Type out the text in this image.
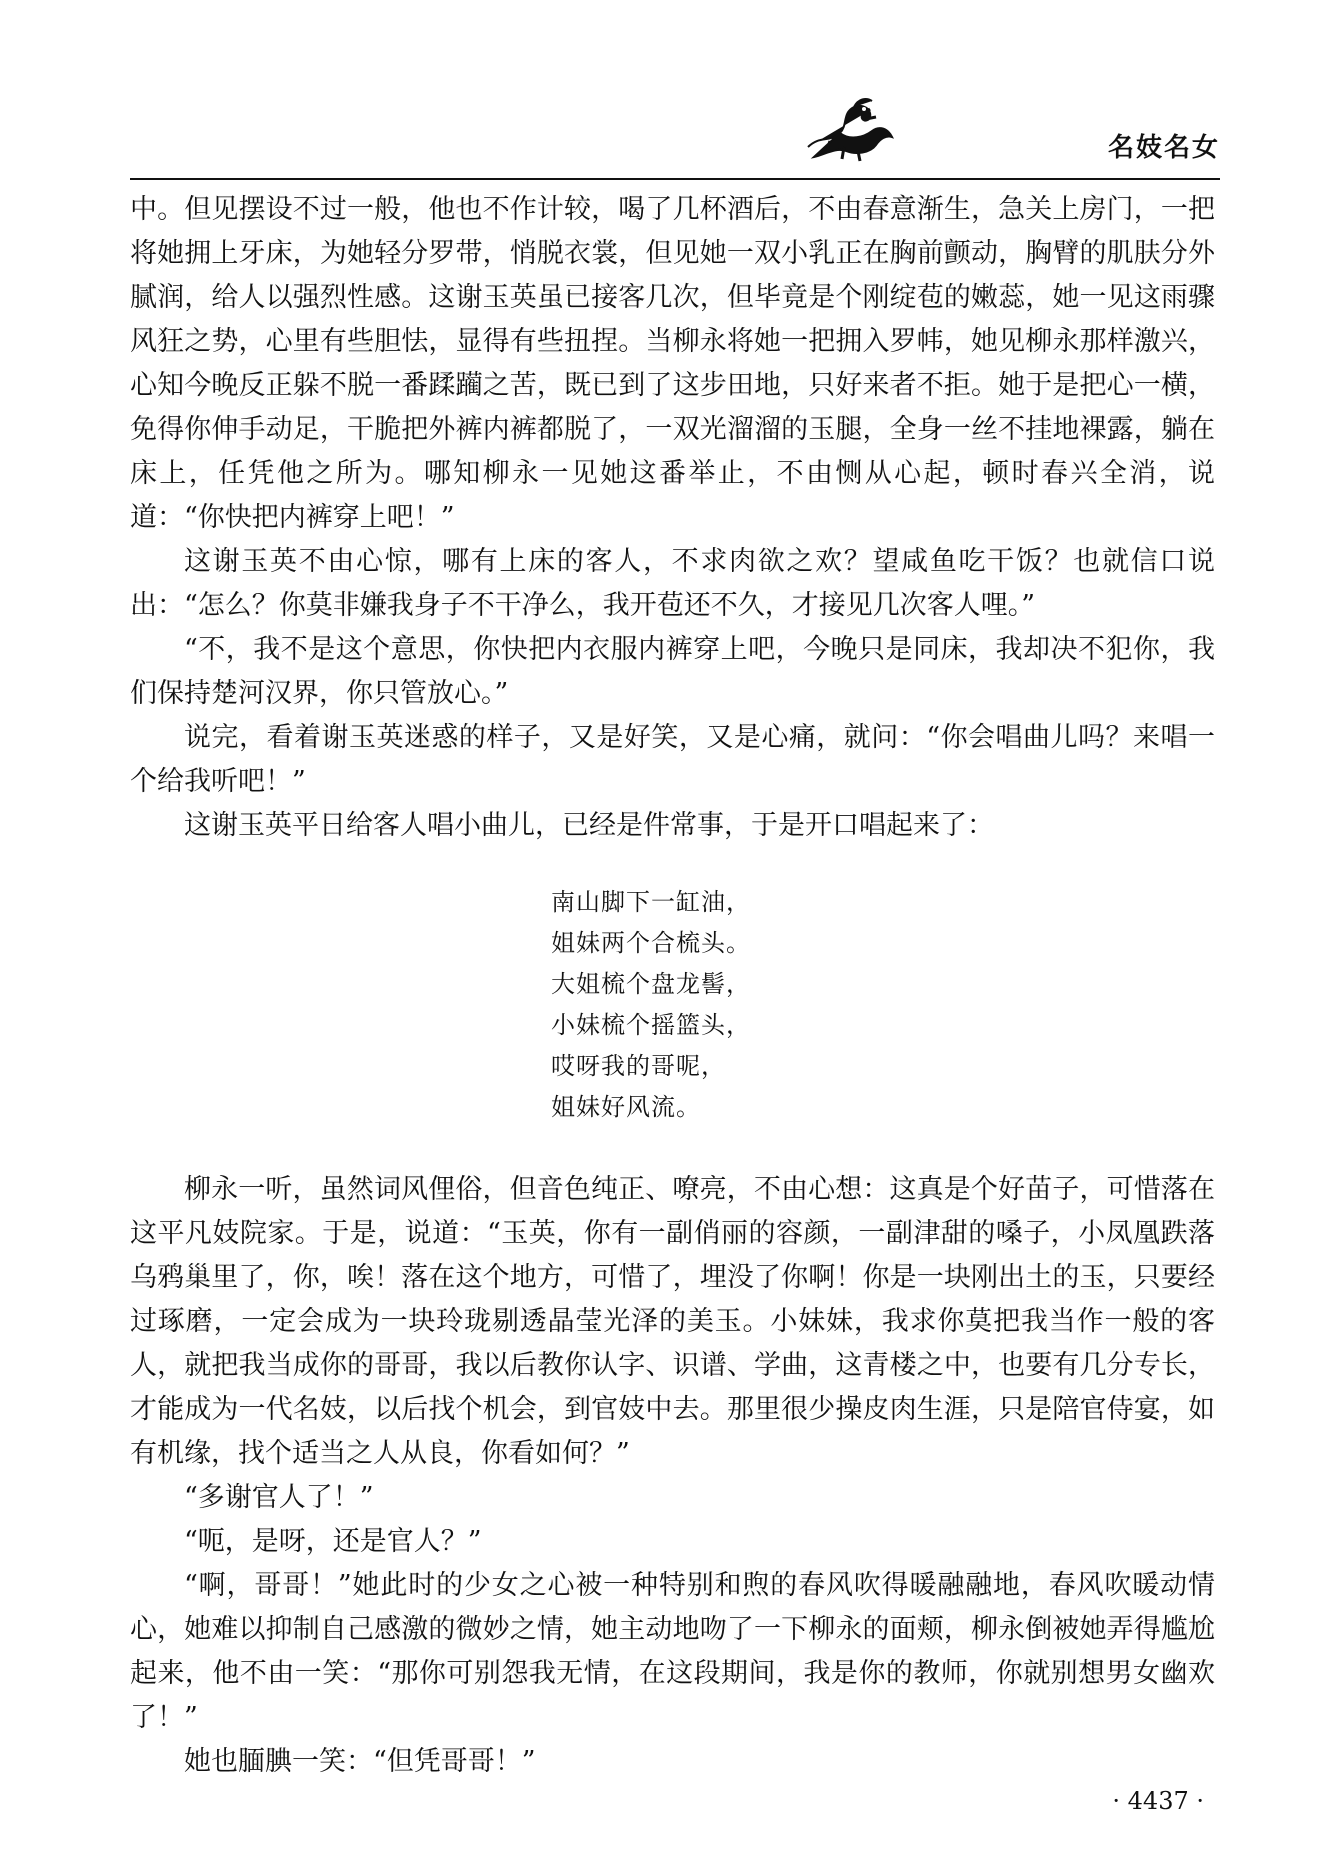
名妓名女

中。但见摆设不过一般，他也不作计较，喝了几杯酒后，不由春意渐生，急关上房门，一把将她拥上牙床，为她轻分罗带，悄脱衣裳，但见她一双小乳正在胸前颤动，胸臂的肌肤分外腻润，给人以强烈性感。这谢玉英虽已接客几次，但毕竟是个刚绽苞的嫩蕊，她一见这雨骤风狂之势，心里有些胆怯，显得有些扭捏。当柳永将她一把拥入罗帏，她见柳永那样激兴，心知今晚反正躲不脱一番蹂躏之苦，既已到了这步田地，只好来者不拒。她于是把心一横，免得你伸手动足，干脆把外裤内裤都脱了，一双光溜溜的玉腿，全身一丝不挂地裸露，躺在床上，任凭他之所为。哪知柳永一见她这番举止，不由恻从心起，顿时春兴全消，说道：“你快把内裤穿上吧！”

这谢玉英不由心惊，哪有上床的客人，不求肉欲之欢？望咸鱼吃干饭？也就信口说出：“怎么？你莫非嫌我身子不干净么，我开苞还不久，才接见几次客人哩。”

“不，我不是这个意思，你快把内衣服内裤穿上吧，今晚只是同床，我却决不犯你，我们保持楚河汉界，你只管放心。”

说完，看着谢玉英迷惑的样子，又是好笑，又是心痛，就问：“你会唱曲儿吗？来唱一个给我听吧！”

这谢玉英平日给客人唱小曲儿，已经是件常事，于是开口唱起来了：

南山脚下一缸油，
姐妹两个合梳头。
大姐梳个盘龙髻，
小妹梳个摇篮头，
哎呀我的哥呢，
姐妹好风流。

柳永一听，虽然词风俚俗，但音色纯正、嘹亮，不由心想：这真是个好苗子，可惜落在这平凡妓院家。于是，说道：“玉英，你有一副俏丽的容颜，一副津甜的嗓子，小凤凰跌落乌鸦巢里了，你，唉！落在这个地方，可惜了，埋没了你啊！你是一块刚出土的玉，只要经过琢磨，一定会成为一块玲珑剔透晶莹光泽的美玉。小妹妹，我求你莫把我当作一般的客人，就把我当成你的哥哥，我以后教你认字、识谱、学曲，这青楼之中，也要有几分专长，才能成为一代名妓，以后找个机会，到官妓中去。那里很少操皮肉生涯，只是陪官侍宴，如有机缘，找个适当之人从良，你看如何？”

“多谢官人了！”

“呃，是呀，还是官人？”

“啊，哥哥！”她此时的少女之心被一种特别和煦的春风吹得暖融融地，春风吹暖动情心，她难以抑制自己感激的微妙之情，她主动地吻了一下柳永的面颊，柳永倒被她弄得尴尬起来，他不由一笑：“那你可别怨我无情，在这段期间，我是你的教师，你就别想男女幽欢了！”

她也腼腆一笑：“但凭哥哥！”

· 4437 ·
